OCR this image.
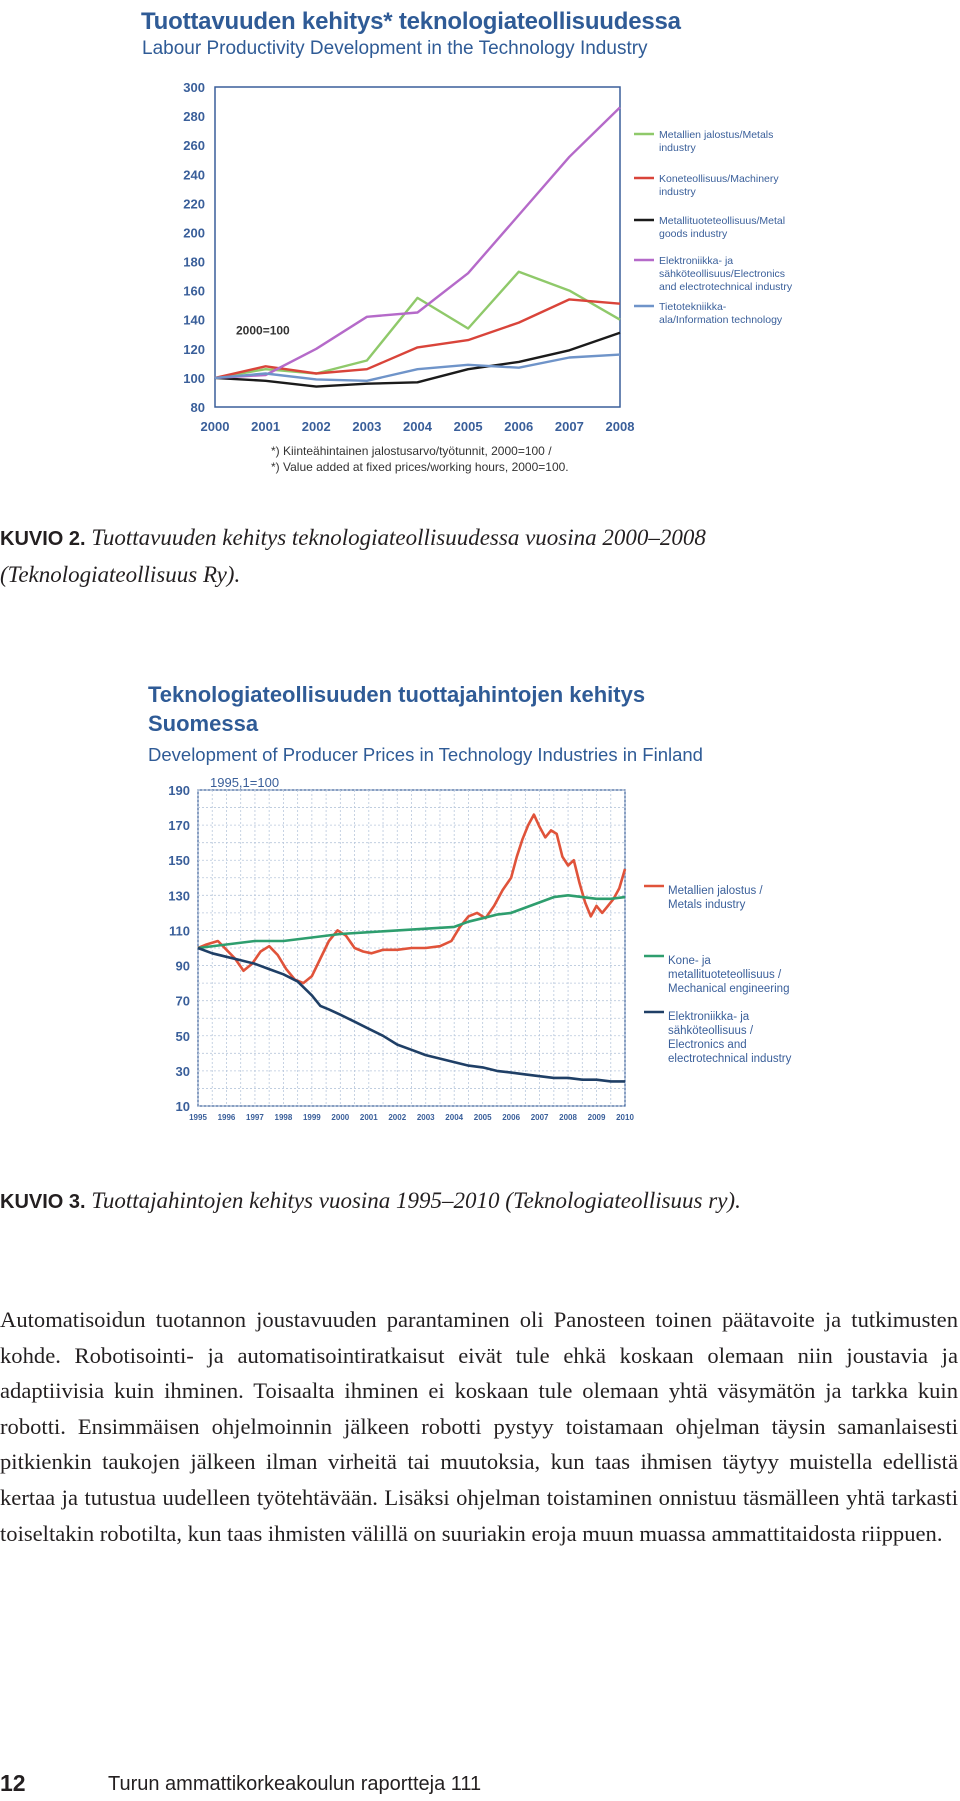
Tuottavuuden kehitys* teknologiateollisuudessa
Labour Productivity Development in the Technology Industry
80
100
120
140
160
180
200
220
240
260
280
300
2000 2001 2002 2003 2004 2005 2006 2007 2008
2000=100
Metallien jalostus/Metals
industry
Koneteollisuus/Machinery
industry
Metallituoteteollisuus/Metal
goods industry
Elektroniikka- ja
sähköteollisuus/Electronics
and electrotechnical industry
Tietotekniikka-
ala/Information technology
*) Kiinteähintainen jalostusarvo/työtunnit, 2000=100 /
*) Value added at fixed prices/working hours, 2000=100.
KUVIO 2. Tuottavuuden kehitys teknologiateollisuudessa vuosina 2000–2008
(Teknologiateollisuus Ry).
Teknologiateollisuuden tuottajahintojen kehitys
Suomessa
Development of Producer Prices in Technology Industries in Finland
10
30
50
70
90
110
130
150
170
190
1995 1996 1997 1998 1999 2000 2001 2002 2003 2004 2005 2006 2007 2008 2009 2010
1995,1=100
Metallien jalostus /
Metals industry
Kone- ja
metallituoteteollisuus /
Mechanical engineering
Elektroniikka- ja
sähköteollisuus /
Electronics and
electrotechnical industry
KUVIO 3. Tuottajahintojen kehitys vuosina 1995–2010 (Teknologiateollisuus ry).
Automatisoidun tuotannon joustavuuden parantaminen oli Panosteen toinen päätavoite ja tutkimusten kohde. Robotisointi- ja automatisointiratkaisut eivät tule ehkä koskaan olemaan niin joustavia ja adaptiivisia kuin ihminen. Toisaalta ihminen ei koskaan tule olemaan yhtä väsymätön ja tarkka kuin robotti. Ensimmäisen ohjelmoinnin jälkeen robotti pystyy toistamaan ohjelman täysin samanlaisesti pitkienkin taukojen jälkeen ilman virheitä tai muutoksia, kun taas ihmisen täytyy muistella edellistä kertaa ja tutustua uudelleen työtehtävään. Lisäksi ohjelman toistaminen onnistuu täsmälleen yhtä tarkasti toiseltakin robotilta, kun taas ihmisten välillä on suuriakin eroja muun muassa ammattitaidosta riippuen.
12	Turun ammattikorkeakoulun raportteja 111
